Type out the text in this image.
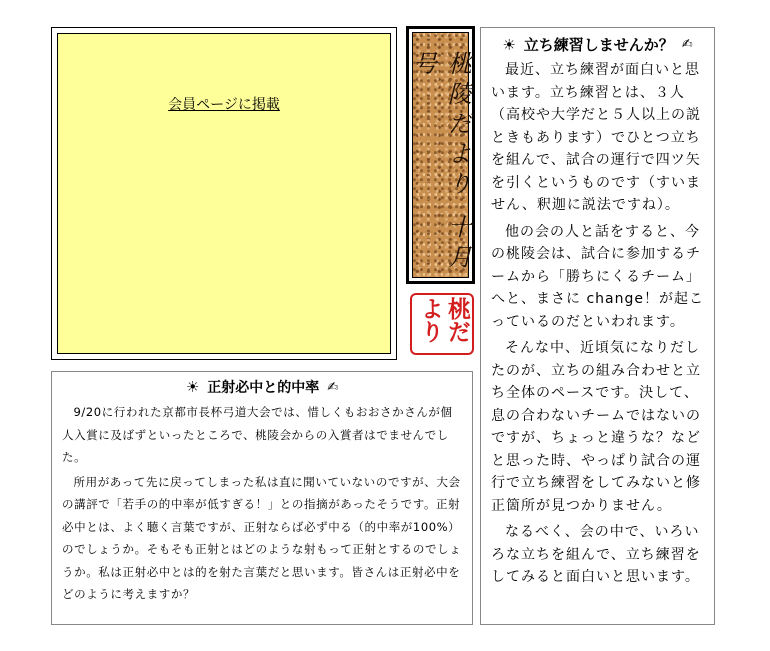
会員ページに掲載	桃陵だより 十月号
桃だより
☀ 立ち練習しませんか？ ✍

最近、立ち練習が面白いと思います。立ち練習とは、３人（高校や大学だと５人以上の説ときもあります）でひとつ立ちを組んで、試合の運行で四ツ矢を引くというものです（すいません、釈迦に説法ですね）。

他の会の人と話をすると、今の桃陵会は、試合に参加するチームから「勝ちにくるチーム」へと、まさに change！が起こっているのだといわれます。

そんな中、近頃気になりだしたのが、立ちの組み合わせと立ち全体のペースです。決して、息の合わないチームではないのですが、ちょっと違うな？などと思った時、やっぱり試合の運行で立ち練習をしてみないと修正箇所が見つかりません。

なるべく、会の中で、いろいろな立ちを組んで、立ち練習をしてみると面白いと思います。

☀ 正射必中と的中率 ✍

9/20に行われた京都市長杯弓道大会では、惜しくもおおさかさんが個人入賞に及ばずといったところで、桃陵会からの入賞者はでませんでした。

所用があって先に戻ってしまった私は直に聞いていないのですが、大会の講評で「若手の的中率が低すぎる！」との指摘があったそうです。正射必中とは、よく聴く言葉ですが、正射ならば必ず中る（的中率が100%）のでしょうか。そもそも正射とはどのような射もって正射とするのでしょうか。私は正射必中とは的を射た言葉だと思います。皆さんは正射必中をどのように考えますか？
